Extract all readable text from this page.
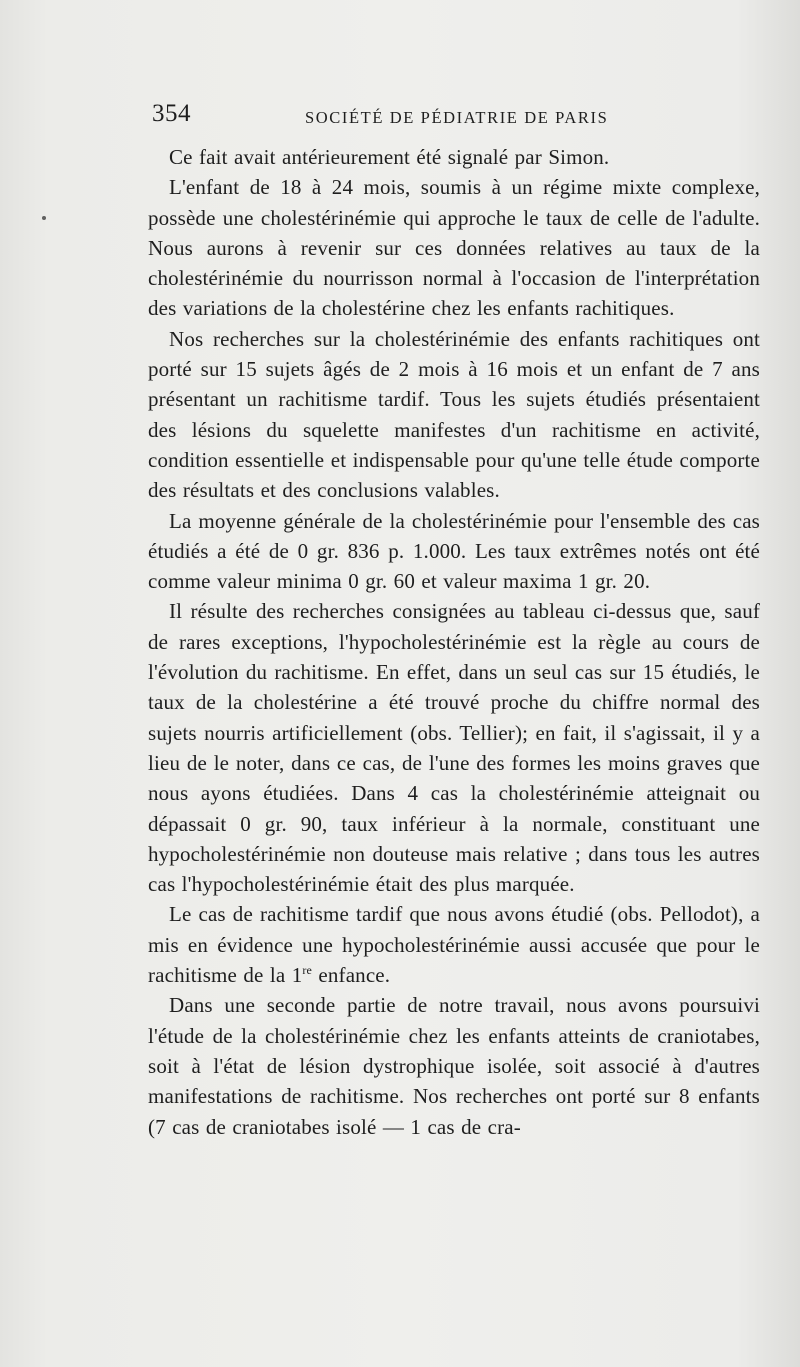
354	SOCIÉTÉ DE PÉDIATRIE DE PARIS

Ce fait avait antérieurement été signalé par Simon.

L'enfant de 18 à 24 mois, soumis à un régime mixte complexe, possède une cholestérinémie qui approche le taux de celle de l'adulte. Nous aurons à revenir sur ces données relatives au taux de la cholestérinémie du nourrisson normal à l'occasion de l'interprétation des variations de la cholestérine chez les enfants rachitiques.

Nos recherches sur la cholestérinémie des enfants rachitiques ont porté sur 15 sujets âgés de 2 mois à 16 mois et un enfant de 7 ans présentant un rachitisme tardif. Tous les sujets étudiés présentaient des lésions du squelette manifestes d'un rachitisme en activité, condition essentielle et indispensable pour qu'une telle étude comporte des résultats et des conclusions valables.

La moyenne générale de la cholestérinémie pour l'ensemble des cas étudiés a été de 0 gr. 836 p. 1.000. Les taux extrêmes notés ont été comme valeur minima 0 gr. 60 et valeur maxima 1 gr. 20.

Il résulte des recherches consignées au tableau ci-dessus que, sauf de rares exceptions, l'hypocholestérinémie est la règle au cours de l'évolution du rachitisme. En effet, dans un seul cas sur 15 étudiés, le taux de la cholestérine a été trouvé proche du chiffre normal des sujets nourris artificiellement (obs. Tellier); en fait, il s'agissait, il y a lieu de le noter, dans ce cas, de l'une des formes les moins graves que nous ayons étudiées. Dans 4 cas la cholestérinémie atteignait ou dépassait 0 gr. 90, taux inférieur à la normale, constituant une hypocholestérinémie non douteuse mais relative ; dans tous les autres cas l'hypocholestérinémie était des plus marquée.

Le cas de rachitisme tardif que nous avons étudié (obs. Pellodot), a mis en évidence une hypocholestérinémie aussi accusée que pour le rachitisme de la 1re enfance.

Dans une seconde partie de notre travail, nous avons poursuivi l'étude de la cholestérinémie chez les enfants atteints de craniotabes, soit à l'état de lésion dystrophique isolée, soit associé à d'autres manifestations de rachitisme. Nos recherches ont porté sur 8 enfants (7 cas de craniotabes isolé — 1 cas de cra-
